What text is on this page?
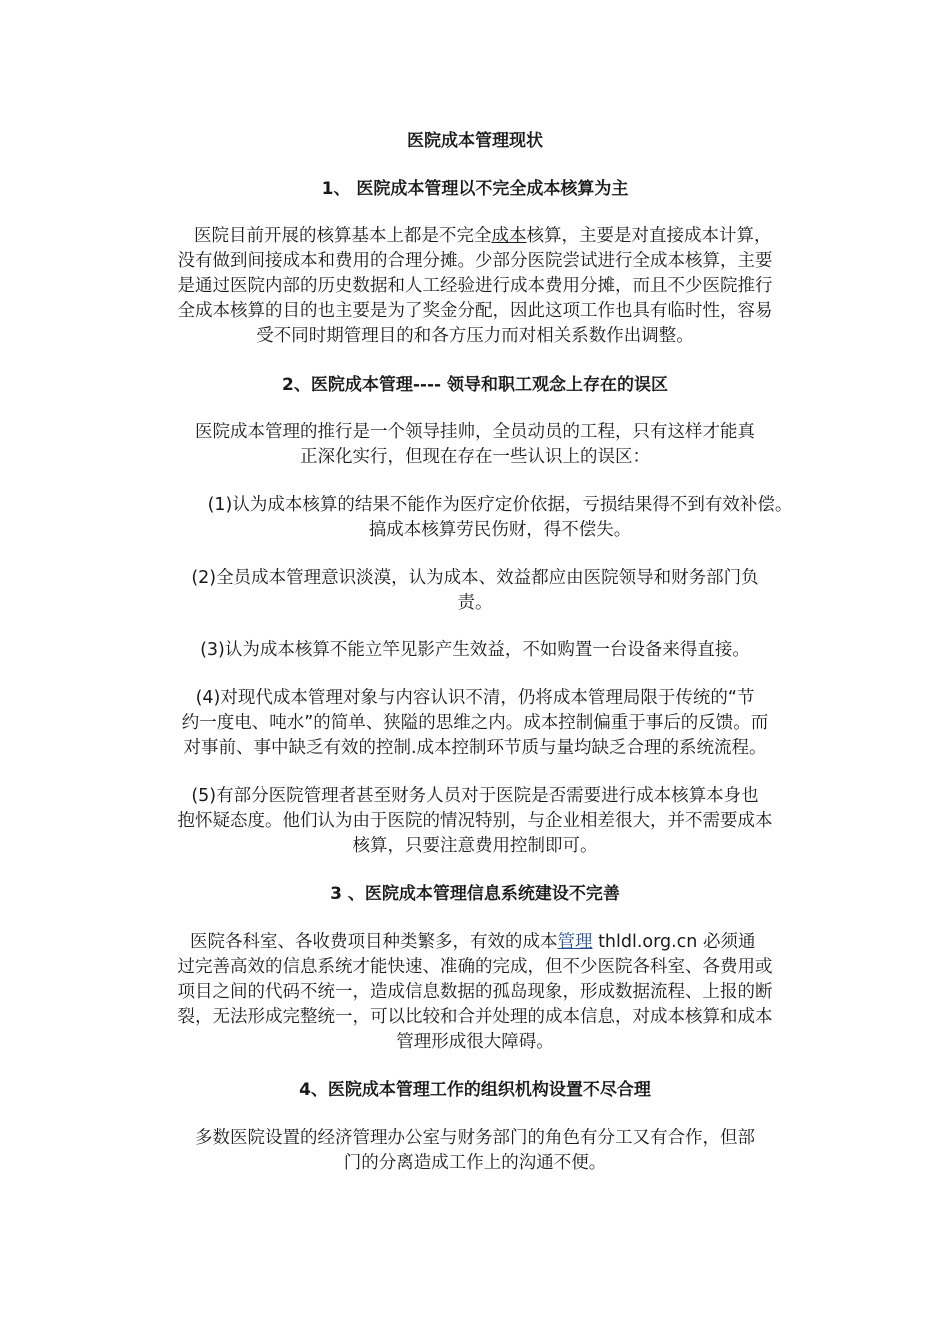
医院成本管理现状
1、 医院成本管理以不完全成本核算为主
医院目前开展的核算基本上都是不完全成本核算，主要是对直接成本计算，
没有做到间接成本和费用的合理分摊。少部分医院尝试进行全成本核算，主要
是通过医院内部的历史数据和人工经验进行成本费用分摊，而且不少医院推行
全成本核算的目的也主要是为了奖金分配，因此这项工作也具有临时性，容易
受不同时期管理目的和各方压力而对相关系数作出调整。
2、医院成本管理---- 领导和职工观念上存在的误区
医院成本管理的推行是一个领导挂帅，全员动员的工程，只有这样才能真
正深化实行，但现在存在一些认识上的误区：
(1)认为成本核算的结果不能作为医疗定价依据，亏损结果得不到有效补偿。
搞成本核算劳民伤财，得不偿失。
(2)全员成本管理意识淡漠，认为成本、效益都应由医院领导和财务部门负
责。
(3)认为成本核算不能立竿见影产生效益，不如购置一台设备来得直接。
(4)对现代成本管理对象与内容认识不清，仍将成本管理局限于传统的“节
约一度电、吨水”的简单、狭隘的思维之内。成本控制偏重于事后的反馈。而
对事前、事中缺乏有效的控制.成本控制环节质与量均缺乏合理的系统流程。
(5)有部分医院管理者甚至财务人员对于医院是否需要进行成本核算本身也
抱怀疑态度。他们认为由于医院的情况特别，与企业相差很大，并不需要成本
核算，只要注意费用控制即可。
3 、医院成本管理信息系统建设不完善
医院各科室、各收费项目种类繁多，有效的成本管理 thldl.org.cn 必须通
过完善高效的信息系统才能快速、准确的完成，但不少医院各科室、各费用或
项目之间的代码不统一，造成信息数据的孤岛现象，形成数据流程、上报的断
裂，无法形成完整统一，可以比较和合并处理的成本信息，对成本核算和成本
管理形成很大障碍。
4、医院成本管理工作的组织机构设置不尽合理
多数医院设置的经济管理办公室与财务部门的角色有分工又有合作，但部
门的分离造成工作上的沟通不便。
